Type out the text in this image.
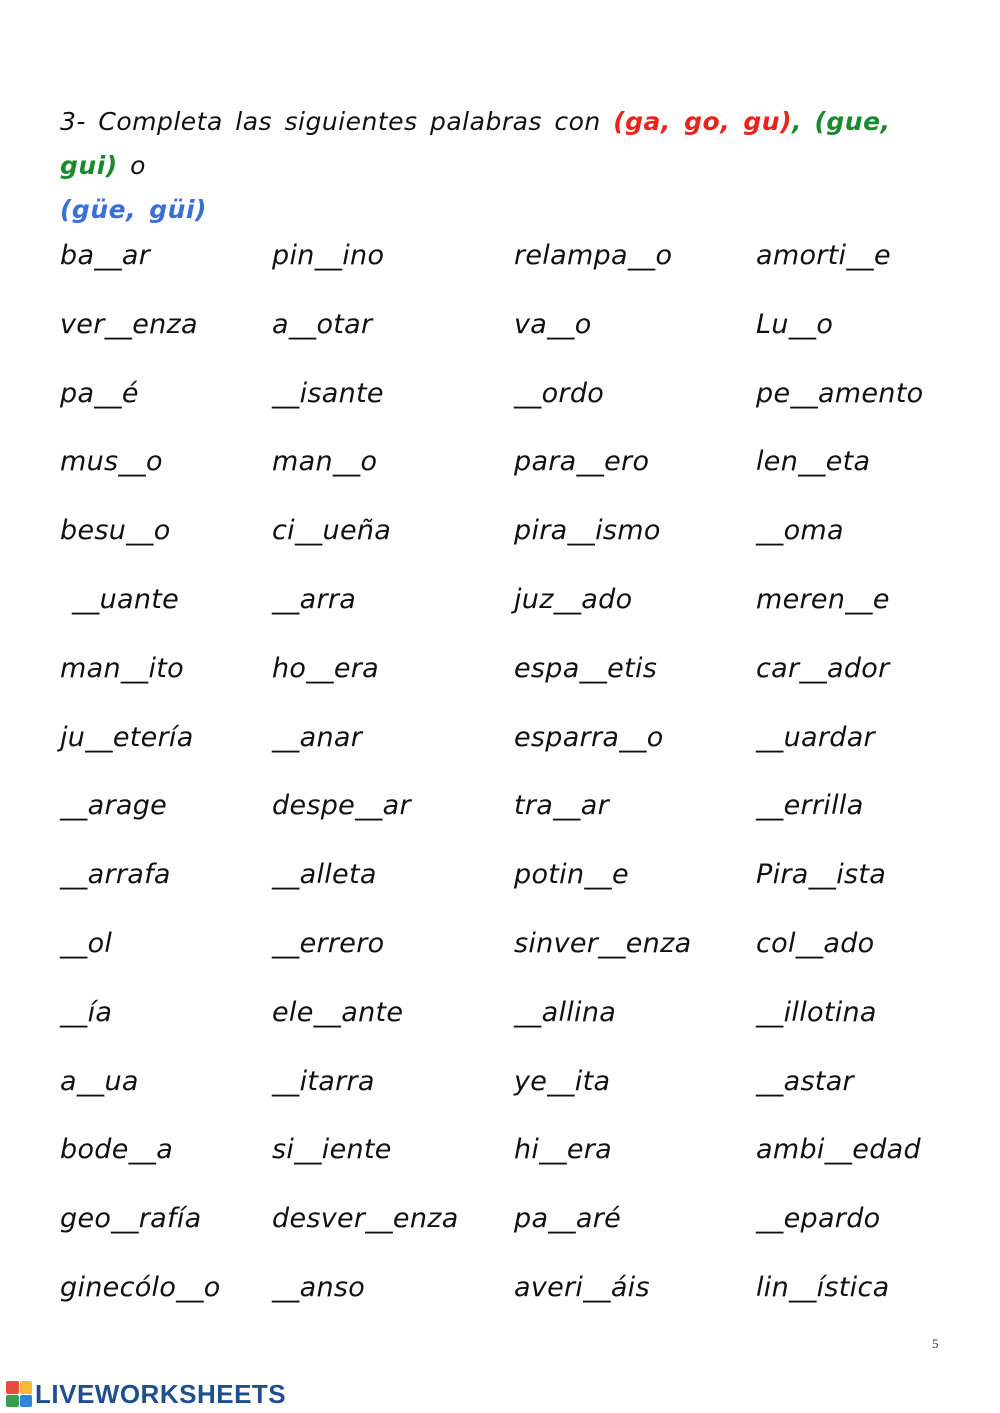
3- Completa las siguientes palabras con (ga, go, gu), (gue, gui) o
(güe, güi)
ba__ar
ver__enza
pa__é
mus__o
besu__o
__uante
man__ito
ju__etería
__arage
__arrafa
__ol
__ía
a__ua
bode__a
geo__rafía
ginecólo__o
pin__ino
a__otar
__isante
man__o
ci__ueña
__arra
ho__era
__anar
despe__ar
__alleta
__errero
ele__ante
__itarra
si__iente
desver__enza
__anso
relampa__o
va__o
__ordo
para__ero
pira__ismo
juz__ado
espa__etis
esparra__o
tra__ar
potin__e
sinver__enza
__allina
ye__ita
hi__era
pa__aré
averi__áis
amorti__e
Lu__o
pe__amento
len__eta
__oma
meren__e
car__ador
__uardar
__errilla
Pira__ista
col__ado
__illotina
__astar
ambi__edad
__epardo
lin__ística
5
LIVEWORKSHEETS
